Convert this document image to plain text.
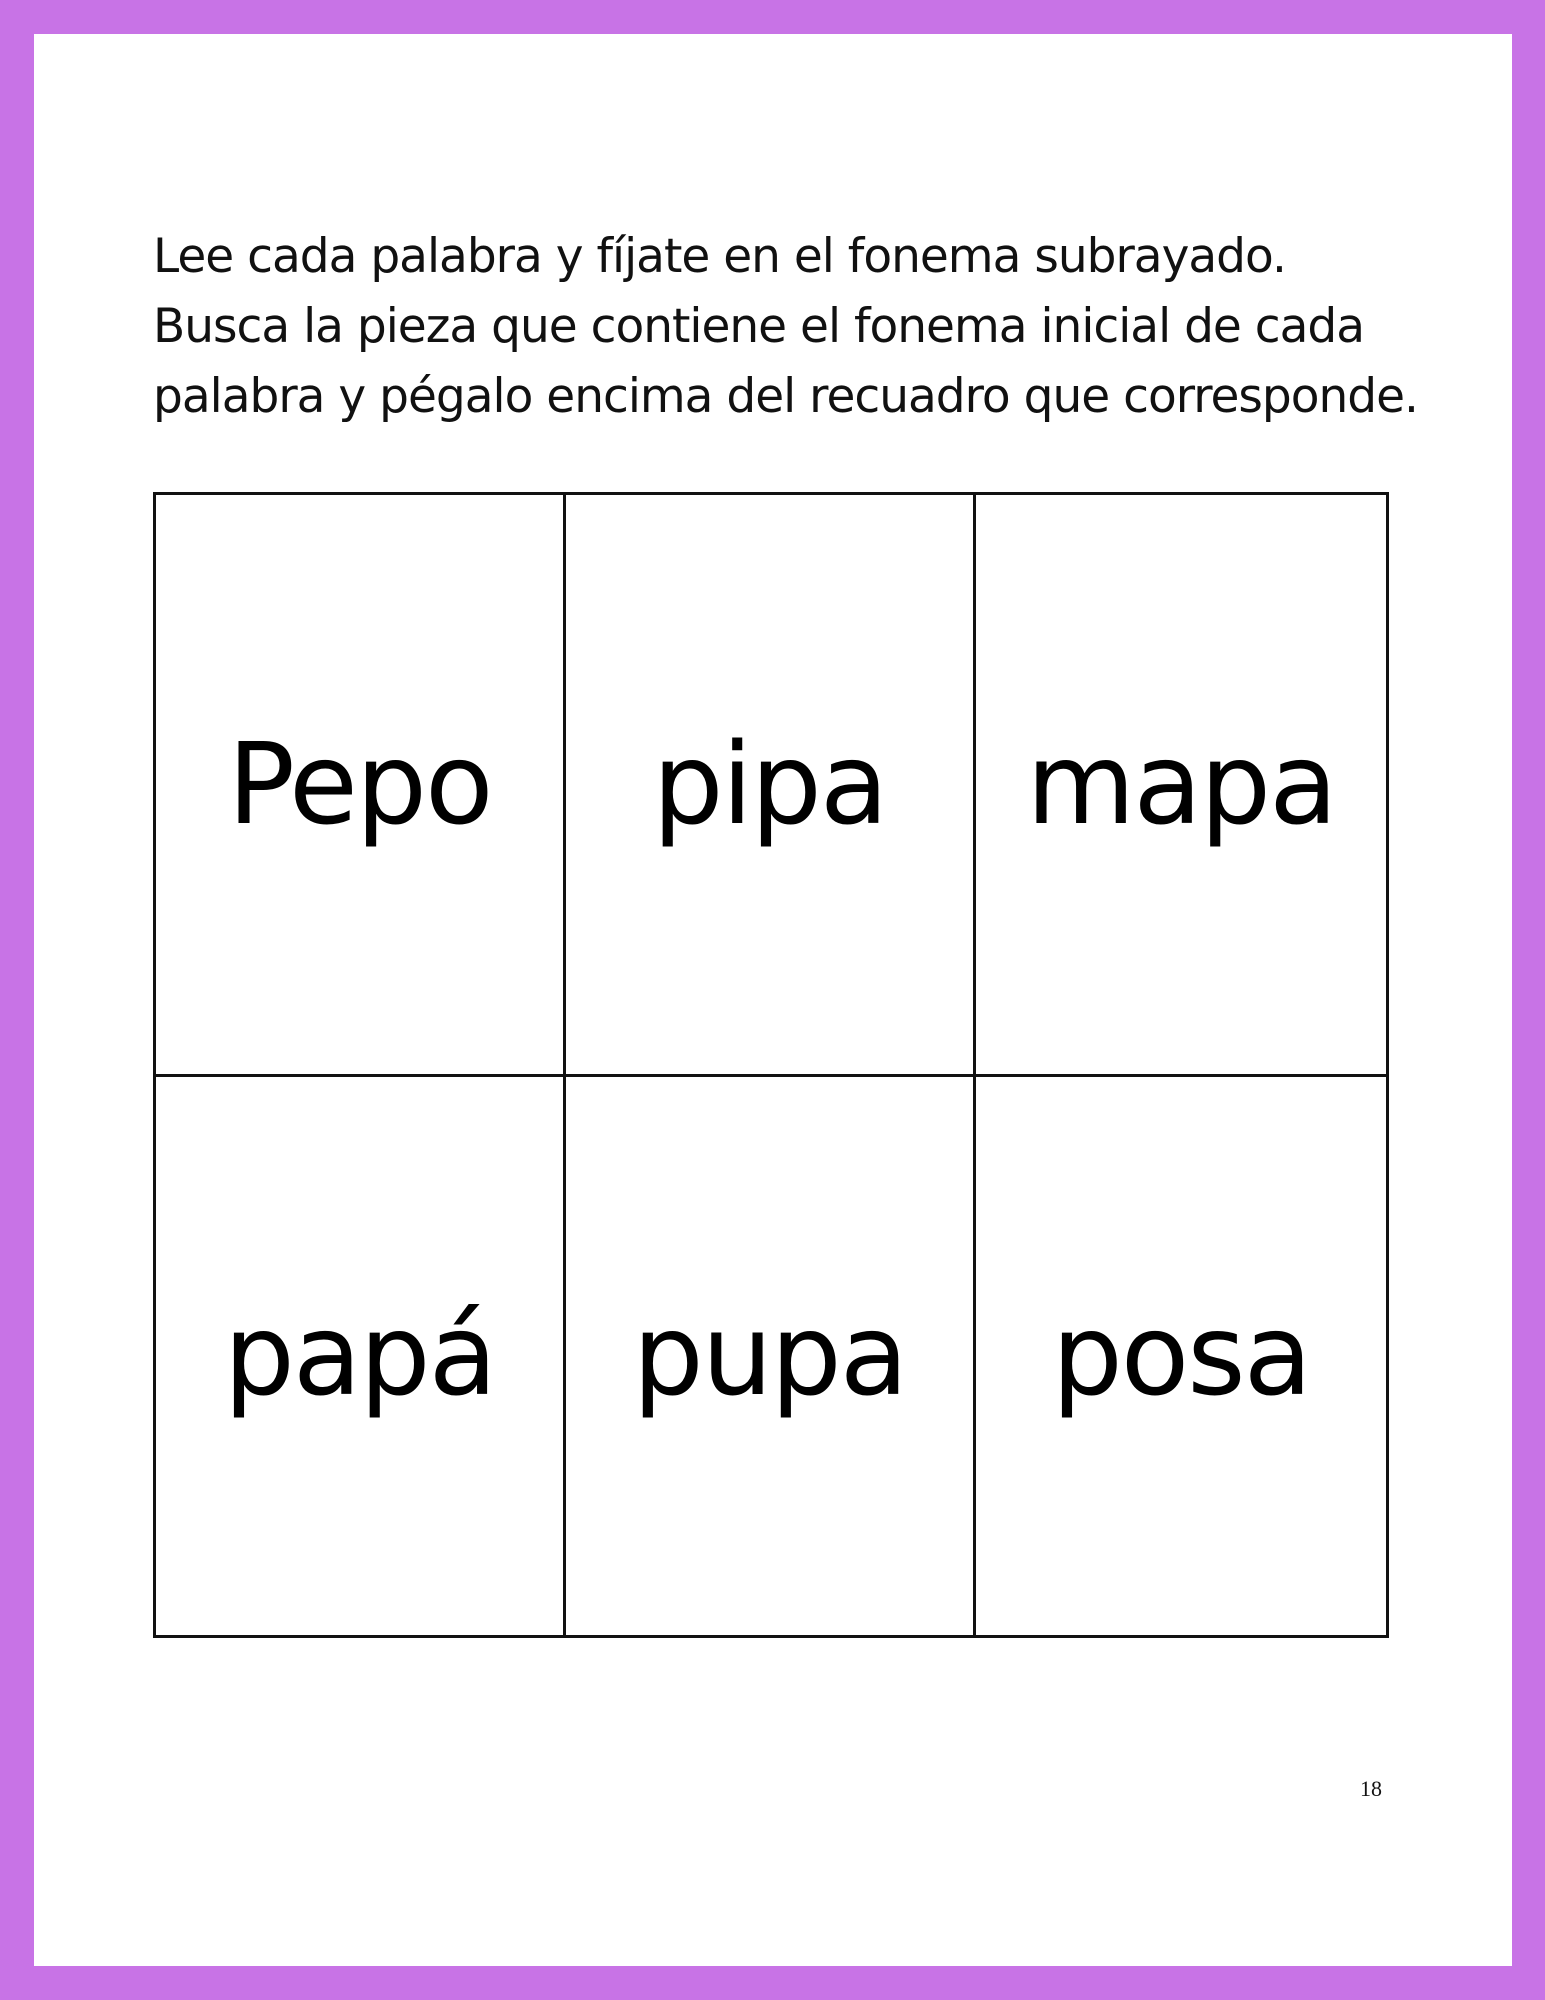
Lee cada palabra y fíjate en el fonema subrayado. Busca la pieza que contiene el fonema inicial de cada palabra y pégalo encima del recuadro que corresponde.

Pepo pipa mapa
papá pupa posa
18
